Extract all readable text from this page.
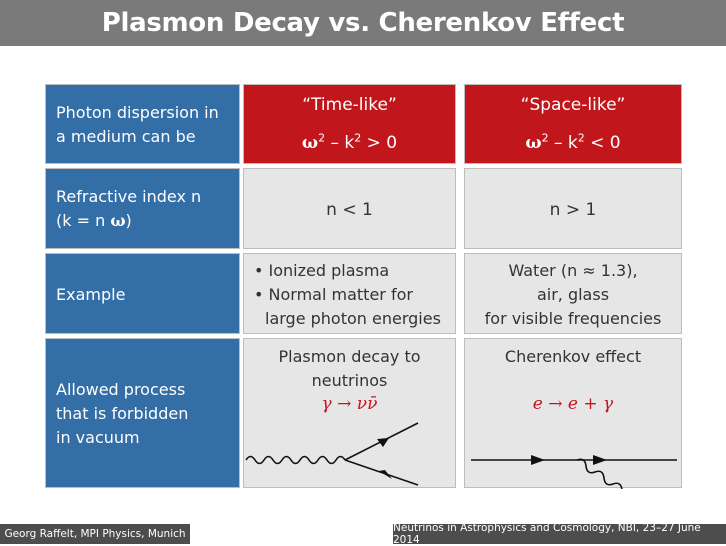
Plasmon Decay vs. Cherenkov Effect
Photon dispersion in
a medium can be
“Time-like”
$\omega^2 - k^2 > 0$
“Space-like”
$\omega^2 - k^2 < 0$
Refractive index n
(k = n ω)
n < 1	n > 1
Example
• Ionized plasma
• Normal matter for
large photon energies
Water (n ≈ 1.3),
air, glass
for visible frequencies
Allowed process
that is forbidden
in vacuum
Plasmon decay to
neutrinos
γ → νν̄
Cherenkov effect
e → e + γ
Georg Raffelt, MPI Physics, Munich	Neutrinos in Astrophysics and Cosmology, NBI, 23–27 June 2014
